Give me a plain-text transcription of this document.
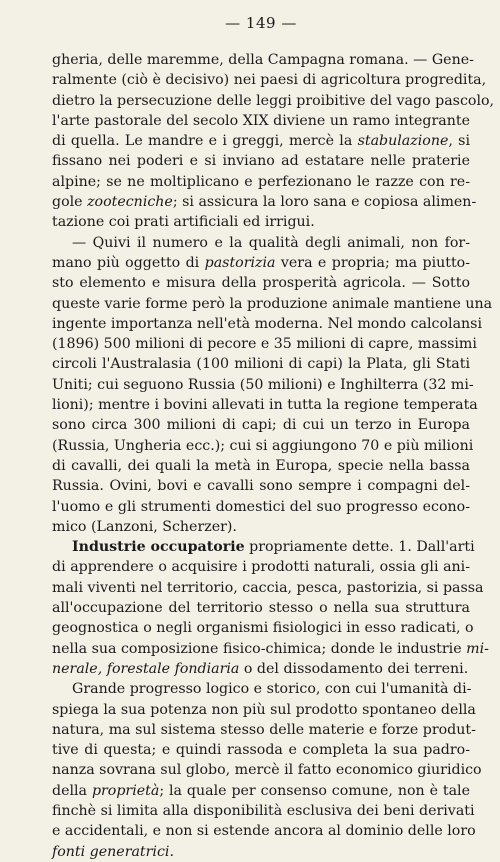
— 149 —

gheria, delle maremme, della Campagna romana. — Gene-
ralmente (ciò è decisivo) nei paesi di agricoltura progredita,
dietro la persecuzione delle leggi proibitive del vago pascolo,
l'arte pastorale del secolo XIX diviene un ramo integrante
di quella. Le mandre e i greggi, mercè la stabulazione, si
fissano nei poderi e si inviano ad estatare nelle praterie
alpine; se ne moltiplicano e perfezionano le razze con re-
gole zootecniche; si assicura la loro sana e copiosa alimen-
tazione coi prati artificiali ed irrigui.

— Quivi il numero e la qualità degli animali, non for-
mano più oggetto di pastorizia vera e propria; ma piutto-
sto elemento e misura della prosperità agricola. — Sotto
queste varie forme però la produzione animale mantiene una
ingente importanza nell'età moderna. Nel mondo calcolansi
(1896) 500 milioni di pecore e 35 milioni di capre, massimi
circoli l'Australasia (100 milioni di capi) la Plata, gli Stati
Uniti; cui seguono Russia (50 milioni) e Inghilterra (32 mi-
lioni); mentre i bovini allevati in tutta la regione temperata
sono circa 300 milioni di capi; di cui un terzo in Europa
(Russia, Ungheria ecc.); cui si aggiungono 70 e più milioni
di cavalli, dei quali la metà in Europa, specie nella bassa
Russia. Ovini, bovi e cavalli sono sempre i compagni del-
l'uomo e gli strumenti domestici del suo progresso econo-
mico (Lanzoni, Scherzer).

Industrie occupatorie propriamente dette. 1. Dall'arti
di apprendere o acquisire i prodotti naturali, ossia gli ani-
mali viventi nel territorio, caccia, pesca, pastorizia, si passa
all'occupazione del territorio stesso o nella sua struttura
geognostica o negli organismi fisiologici in esso radicati, o
nella sua composizione fisico-chimica; donde le industrie mi-
nerale, forestale fondiaria o del dissodamento dei terreni.

Grande progresso logico e storico, con cui l'umanità di-
spiega la sua potenza non più sul prodotto spontaneo della
natura, ma sul sistema stesso delle materie e forze produt-
tive di questa; e quindi rassoda e completa la sua padro-
nanza sovrana sul globo, mercè il fatto economico giuridico
della proprietà; la quale per consenso comune, non è tale
finchè si limita alla disponibilità esclusiva dei beni derivati
e accidentali, e non si estende ancora al dominio delle loro
fonti generatrici.
